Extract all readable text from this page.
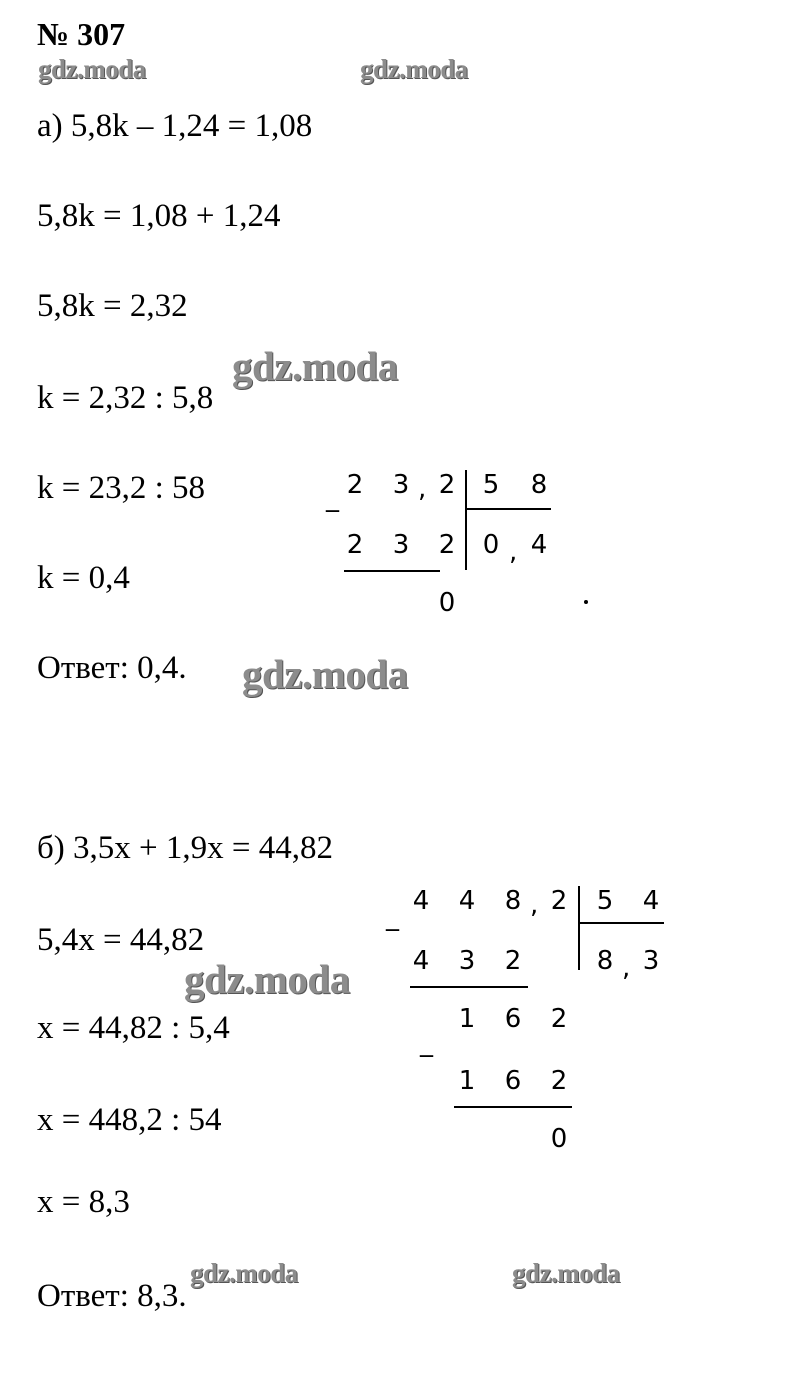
№ 307
а) 5,8k – 1,24 = 1,08
5,8k = 1,08 + 1,24
5,8k = 2,32
k = 2,32 : 5,8
k = 23,2 : 58
k = 0,4
Ответ: 0,4.
_ 2 3 , 2 5 8
2 3 2 0 , 4
0
б) 3,5x + 1,9x = 44,82
5,4x = 44,82
x = 44,82 : 5,4
x = 448,2 : 54
x = 8,3
Ответ: 8,3.
_
4 4 8 , 2 5 4
4 3 2	8 , 3
_
1 6 2
1 6 2
0
gdz.moda	gdz.moda
gdz.moda
gdz.moda
gdz.moda
gdz.moda	gdz.moda
